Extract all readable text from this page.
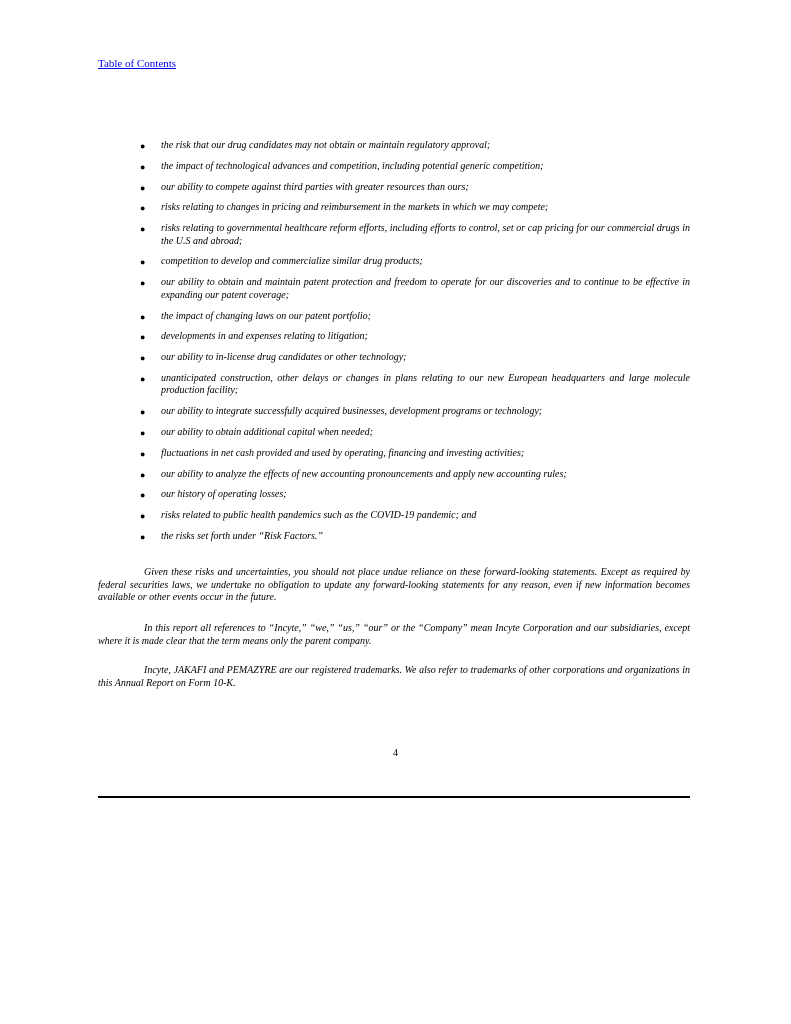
Table of Contents
● the risk that our drug candidates may not obtain or maintain regulatory approval;
● the impact of technological advances and competition, including potential generic competition;
● our ability to compete against third parties with greater resources than ours;
● risks relating to changes in pricing and reimbursement in the markets in which we may compete;
● risks relating to governmental healthcare reform efforts, including efforts to control, set or cap pricing for our commercial drugs in the U.S and abroad;
● competition to develop and commercialize similar drug products;
● our ability to obtain and maintain patent protection and freedom to operate for our discoveries and to continue to be effective in expanding our patent coverage;
● the impact of changing laws on our patent portfolio;
● developments in and expenses relating to litigation;
● our ability to in-license drug candidates or other technology;
● unanticipated construction, other delays or changes in plans relating to our new European headquarters and large molecule production facility;
● our ability to integrate successfully acquired businesses, development programs or technology;
● our ability to obtain additional capital when needed;
● fluctuations in net cash provided and used by operating, financing and investing activities;
● our ability to analyze the effects of new accounting pronouncements and apply new accounting rules;
● our history of operating losses;
● risks related to public health pandemics such as the COVID-19 pandemic; and
● the risks set forth under “Risk Factors.”

Given these risks and uncertainties, you should not place undue reliance on these forward-looking statements. Except as required by federal securities laws, we undertake no obligation to update any forward-looking statements for any reason, even if new information becomes available or other events occur in the future.

In this report all references to “Incyte,” “we,” “us,” “our” or the “Company” mean Incyte Corporation and our subsidiaries, except where it is made clear that the term means only the parent company.

Incyte, JAKAFI and PEMAZYRE are our registered trademarks. We also refer to trademarks of other corporations and organizations in this Annual Report on Form 10-K.

4
